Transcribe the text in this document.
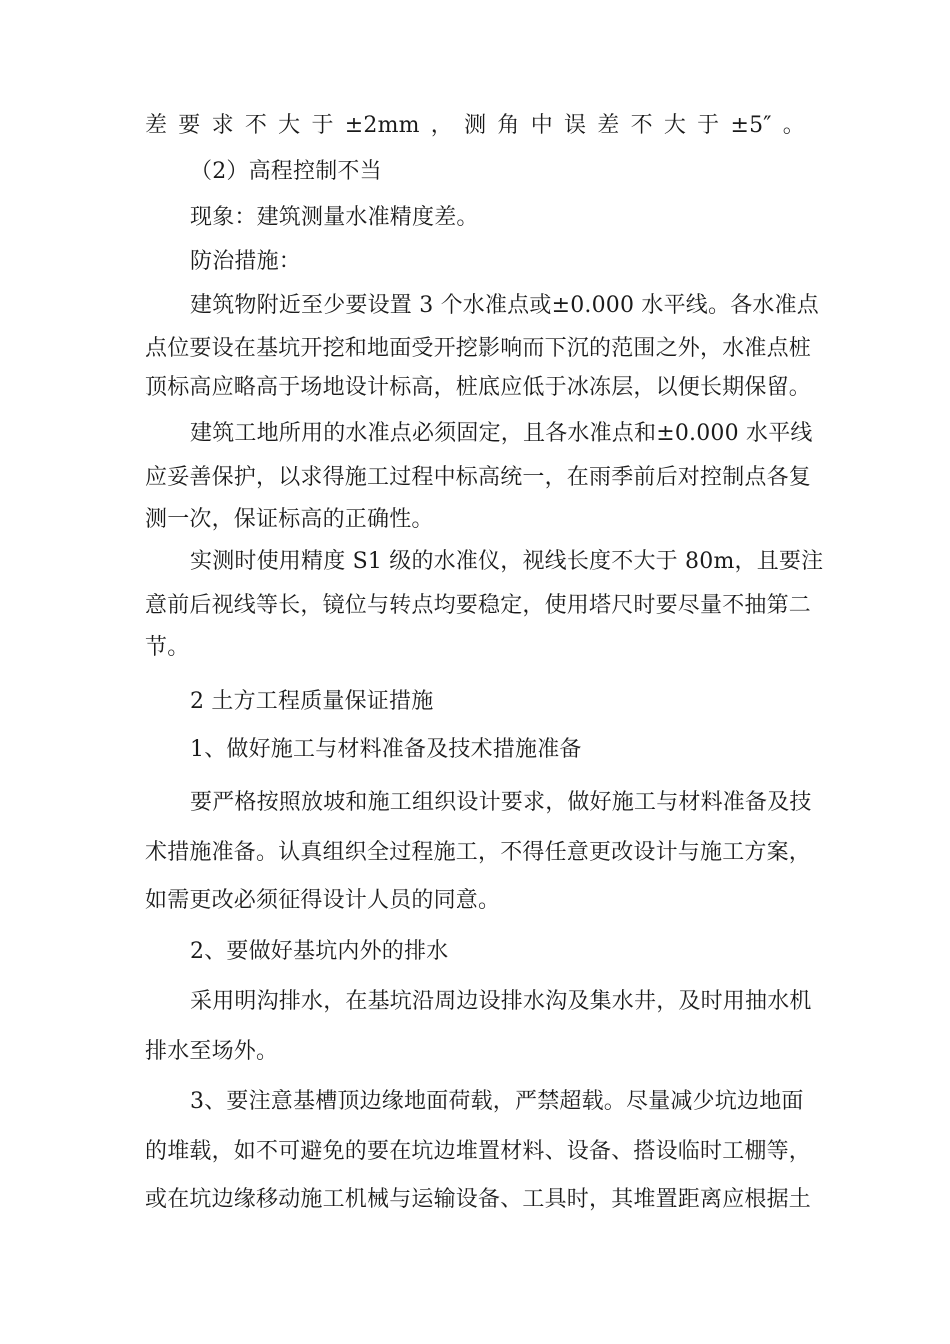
差要求不大于±2mm，测角中误差不大于±5″。
（2）高程控制不当
现象：建筑测量水准精度差。
防治措施：
建筑物附近至少要设置 3 个水准点或±0.000 水平线。各水准点
点位要设在基坑开挖和地面受开挖影响而下沉的范围之外，水准点桩
顶标高应略高于场地设计标高，桩底应低于冰冻层，以便长期保留。
建筑工地所用的水准点必须固定，且各水准点和±0.000 水平线
应妥善保护，以求得施工过程中标高统一，在雨季前后对控制点各复
测一次，保证标高的正确性。
实测时使用精度 S1 级的水准仪，视线长度不大于 80m，且要注
意前后视线等长，镜位与转点均要稳定，使用塔尺时要尽量不抽第二
节。
2 土方工程质量保证措施
1、做好施工与材料准备及技术措施准备
要严格按照放坡和施工组织设计要求，做好施工与材料准备及技
术措施准备。认真组织全过程施工，不得任意更改设计与施工方案，
如需更改必须征得设计人员的同意。
2、要做好基坑内外的排水
采用明沟排水，在基坑沿周边设排水沟及集水井，及时用抽水机
排水至场外。
3、要注意基槽顶边缘地面荷载，严禁超载。尽量减少坑边地面
的堆载，如不可避免的要在坑边堆置材料、设备、搭设临时工棚等，
或在坑边缘移动施工机械与运输设备、工具时，其堆置距离应根据土
